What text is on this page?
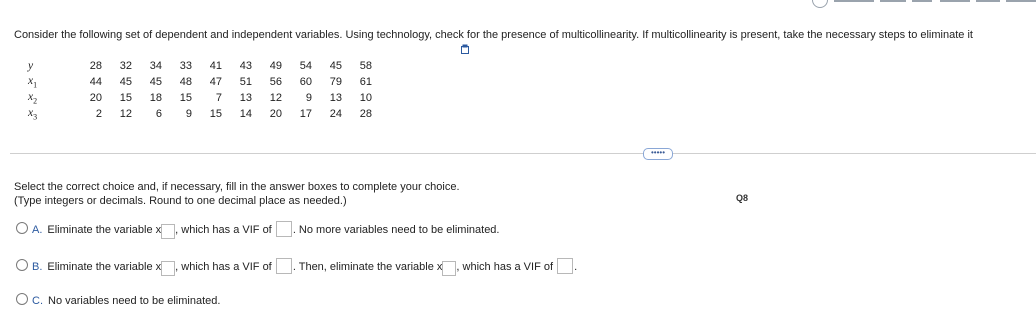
Consider the following set of dependent and independent variables. Using technology, check for the presence of multicollinearity. If multicollinearity is present, take the necessary steps to eliminate it
y	28	32	34	33	41	43	49	54	45	58
$x_1$	44	45	45	48	47	51	56	60	79	61
$x_2$	20	15	18	15	7	13	12	9	13	10
$x_3$	2	12	6	9	15	14	20	17	24	28
•••••
Select the correct choice and, if necessary, fill in the answer boxes to complete your choice.
(Type integers or decimals. Round to one decimal place as needed.)	Q8
A. Eliminate the variable x , which has a VIF of . No more variables need to be eliminated.
B. Eliminate the variable x , which has a VIF of . Then, eliminate the variable x , which has a VIF of .
C. No variables need to be eliminated.
